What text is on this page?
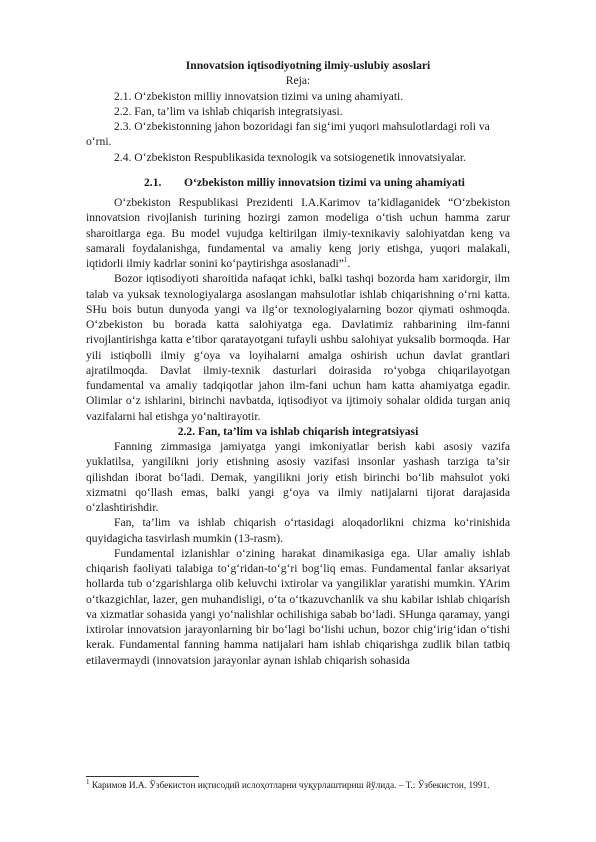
Innovatsion iqtisodiyotning ilmiy-uslubiy asoslari
Reja:
2.1. O‘zbekiston milliy innovatsion tizimi va uning ahamiyati.
2.2. Fan, ta’lim va ishlab chiqarish integratsiyasi.
2.3. O‘zbekistonning jahon bozoridagi fan sig‘imi yuqori mahsulotlardagi roli va o‘rni.
2.4. O‘zbekiston Respublikasida texnologik va sotsiogenetik innovatsiyalar.
2.1. O‘zbekiston milliy innovatsion tizimi va uning ahamiyati

O‘zbekiston Respublikasi Prezidenti I.A.Karimov ta’kidlaganidek “O‘zbekiston innovatsion rivojlanish turining hozirgi zamon modeliga o‘tish uchun hamma zarur sharoitlarga ega. Bu model vujudga keltirilgan ilmiy-texnikaviy salohiyatdan keng va samarali foydalanishga, fundamental va amaliy keng joriy etishga, yuqori malakali, iqtidorli ilmiy kadrlar sonini ko‘paytirishga asoslanadi”$^1$.

Bozor iqtisodiyoti sharoitida nafaqat ichki, balki tashqi bozorda ham xaridorgir, ilm talab va yuksak texnologiyalarga asoslangan mahsulotlar ishlab chiqarishning o‘rni katta. SHu bois butun dunyoda yangi va ilg‘or texnologiyalarning bozor qiymati oshmoqda. O‘zbekiston bu borada katta salohiyatga ega. Davlatimiz rahbarining ilm-fanni rivojlantirishga katta e’tibor qaratayotgani tufayli ushbu salohiyat yuksalib bormoqda. Har yili istiqbolli ilmiy g‘oya va loyihalarni amalga oshirish uchun davlat grantlari ajratilmoqda. Davlat ilmiy-texnik dasturlari doirasida ro‘yobga chiqarilayotgan fundamental va amaliy tadqiqotlar jahon ilm-fani uchun ham katta ahamiyatga egadir. Olimlar o‘z ishlarini, birinchi navbatda, iqtisodiyot va ijtimoiy sohalar oldida turgan aniq vazifalarni hal etishga yo‘naltirayotir.

2.2. Fan, ta’lim va ishlab chiqarish integratsiyasi

Fanning zimmasiga jamiyatga yangi imkoniyatlar berish kabi asosiy vazifa yuklatilsa, yangilikni joriy etishning asosiy vazifasi insonlar yashash tarziga ta’sir qilishdan iborat bo‘ladi. Demak, yangilikni joriy etish birinchi bo‘lib mahsulot yoki xizmatni qo‘llash emas, balki yangi g‘oya va ilmiy natijalarni tijorat darajasida o‘zlashtirishdir.

Fan, ta’lim va ishlab chiqarish o‘rtasidagi aloqadorlikni chizma ko‘rinishida quyidagicha tasvirlash mumkin (13-rasm).

Fundamental izlanishlar o‘zining harakat dinamikasiga ega. Ular amaliy ishlab chiqarish faoliyati talabiga to‘g‘ridan-to‘g‘ri bog‘liq emas. Fundamental fanlar aksariyat hollarda tub o‘zgarishlarga olib keluvchi ixtirolar va yangiliklar yaratishi mumkin. YArim o‘tkazgichlar, lazer, gen muhandisligi, o‘ta o‘tkazuvchanlik va shu kabilar ishlab chiqarish va xizmatlar sohasida yangi yo‘nalishlar ochilishiga sabab bo‘ladi. SHunga qaramay, yangi ixtirolar innovatsion jarayonlarning bir bo‘lagi bo‘lishi uchun, bozor chig‘irig‘idan o‘tishi kerak. Fundamental fanning hamma natijalari ham ishlab chiqarishga zudlik bilan tatbiq etilavermaydi (innovatsion jarayonlar aynan ishlab chiqarish sohasida

$^1$ Каримов И.А. Ўзбекистон иқтисодий ислоҳотларни чуқурлаштириш йўлида. – Т.: Ўзбекистон, 1991.
